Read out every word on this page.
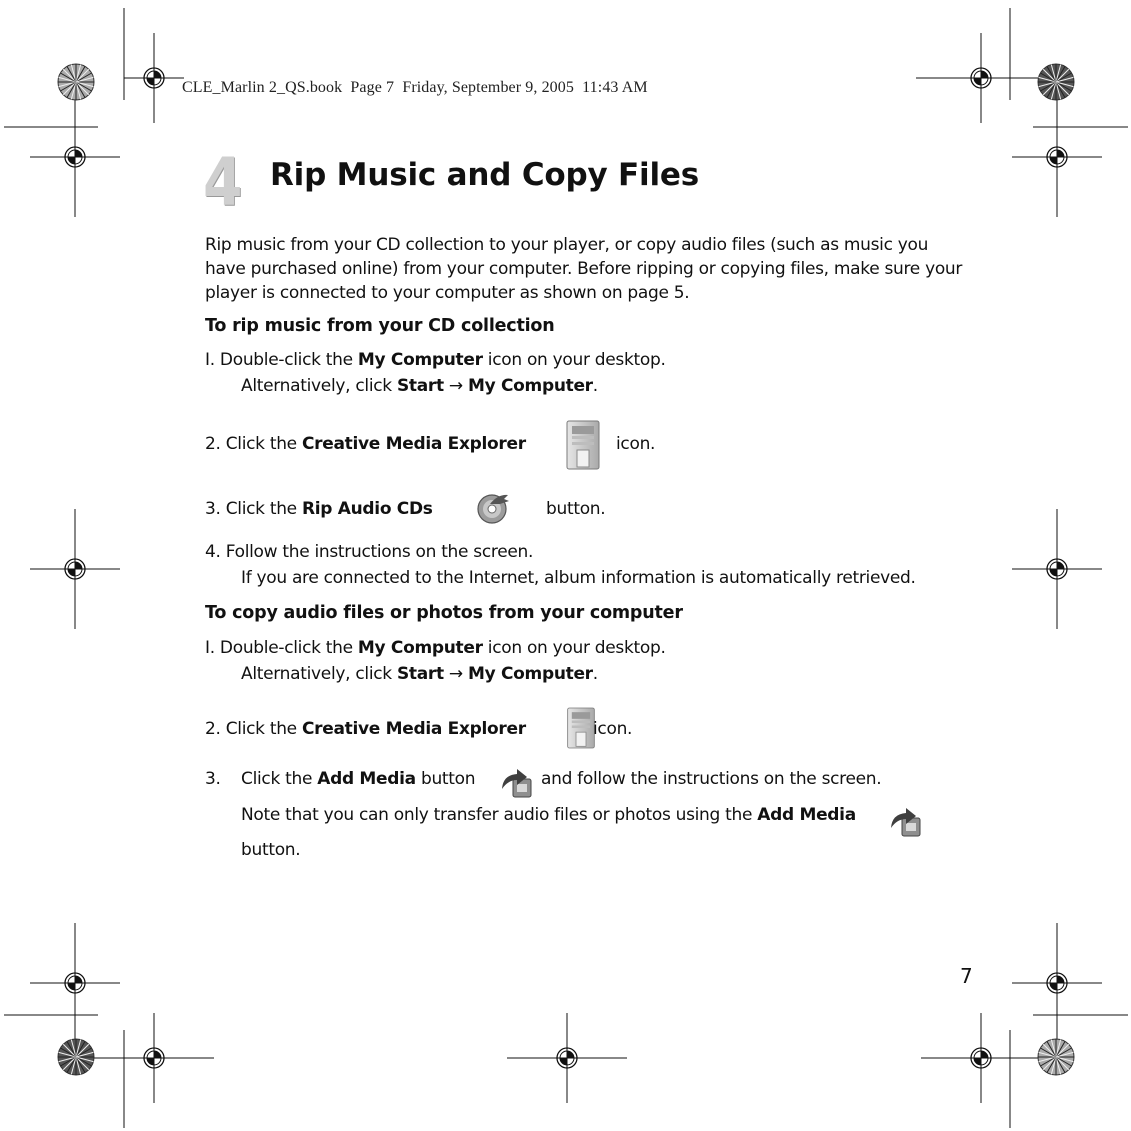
CLE_Marlin 2_QS.book  Page 7  Friday, September 9, 2005  11:43 AM
4 Rip Music and Copy Files

Rip music from your CD collection to your player, or copy audio files (such as music you

have purchased online) from your computer. Before ripping or copying files, make sure your

player is connected to your computer as shown on page 5.

To rip music from your CD collection
I. Double-click the My Computer icon on your desktop.
Alternatively, click Start → My Computer.
2. Click the Creative Media Explorer	icon.
3. Click the Rip Audio CDs	button.
4. Follow the instructions on the screen.
If you are connected to the Internet, album information is automatically retrieved.
To copy audio files or photos from your computer
I. Double-click the My Computer icon on your desktop.
Alternatively, click Start → My Computer.
2. Click the Creative Media Explorer	icon.
3. Click the Add Media button	and follow the instructions on the screen.
Note that you can only transfer audio files or photos using the Add Media
button.
7
